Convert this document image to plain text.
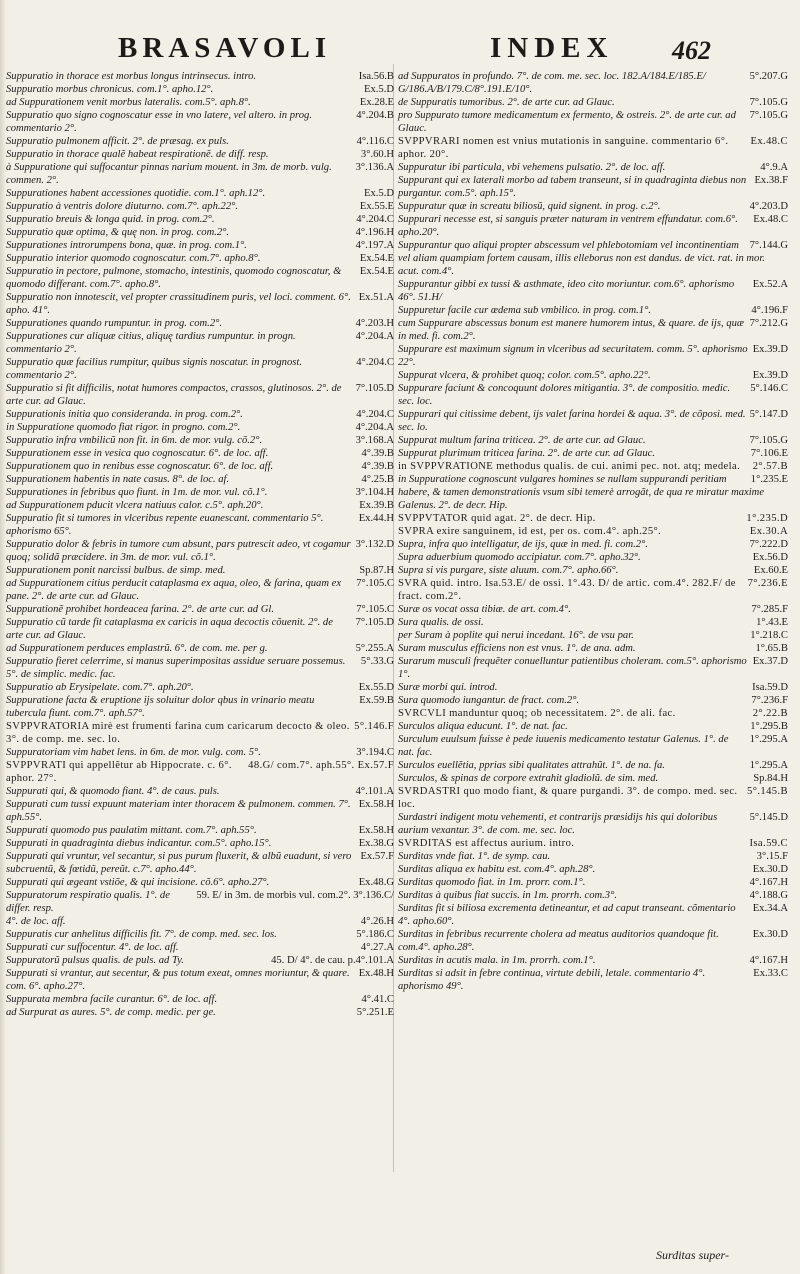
BRASAVOLI	INDEX 462
Isa.56.B
Suppuratio in thorace est morbus longus intrinsecus. intro.
Ex.5.D
Suppuratio morbus chronicus. com.1°. apho.12°.
Ex.28.E
ad Suppurationem venit morbus lateralis. com.5°. aph.8°.
4°.204.B
Suppuratio quo signo cognoscatur esse in vno latere, vel altero. in prog. commentario 2°.
4°.116.C
Suppuratio pulmonem afficit. 2°. de præsag. ex puls.
3°.60.H
Suppuratio in thorace qualẽ habeat respirationẽ. de diff. resp.
3°.136.A
à Suppuratione qui suffocantur pinnas narium mouent. in 3m. de morb. vulg. commen. 2°.
Ex.5.D
Suppurationes habent accessiones quotidie. com.1°. aph.12°.
Ex.55.E
Suppuratio à ventris dolore diuturno. com.7°. aph.22°.
4°.204.C
Suppuratio breuis & longa quid. in prog. com.2°.
4°.196.H
Suppuratio quæ optima, & quę non. in prog. com.2°.
4°.197.A
Suppurationes introrumpens bona, quæ. in prog. com.1°.
Ex.54.E
Suppuratio interior quomodo cognoscatur. com.7°. apho.8°.
Ex.54.E
Suppuratio in pectore, pulmone, stomacho, intestinis, quomodo cognoscatur, & quomodo differant. com.7°. apho.8°.
Ex.51.A
Suppuratio non innotescit, vel propter crassitudinem puris, vel loci. comment. 6°. apho. 41°.
4°.203.H
Suppurationes quando rumpuntur. in prog. com.2°.
4°.204.A
Suppurationes cur aliquæ citius, aliquę tardius rumpuntur. in progn. commentario 2°.
4°.204.C
Suppuratio quæ facilius rumpitur, quibus signis noscatur. in prognost. commentario 2°.
7°.105.D
Suppuratio si fit difficilis, notat humores compactos, crassos, glutinosos. 2°. de arte cur. ad Glauc.
4°.204.C
Suppurationis initia quo consideranda. in prog. com.2°.
4°.204.A
in Suppuratione quomodo fiat rigor. in progno. com.2°.
3°.168.A
Suppuratio infra vmbilicũ non fit. in 6m. de mor. vulg. cõ.2°.
4°.39.B
Suppurationem esse in vesica quo cognoscatur. 6°. de loc. aff.
4°.39.B
Suppurationem quo in renibus esse cognoscatur. 6°. de loc. aff.
4°.25.B
Suppurationem habentis in nate casus. 8°. de loc. af.
3°.104.H
Suppurationes in febribus quo fiunt. in 1m. de mor. vul. cõ.1°.
Ex.39.B
ad Suppurationem pducit vlcera natiuus calor. c.5°. aph.20°.
Ex.44.H
Suppuratio fit si tumores in vlceribus repente euanescant. commentario 5°. aphorismo 65°.
3°.132.D
Suppuratio dolor & febris in tumore cum absunt, pars putrescit adeo, vt cogamur quoq; solidã præcidere. in 3m. de mor. vul. cõ.1°.
Sp.87.H
Suppurationem ponit narcissi bulbus. de simp. med.
7°.105.C
ad Suppurationem citius perducit cataplasma ex aqua, oleo, & farina, quam ex pane. 2°. de arte cur. ad Glauc.
7°.105.C
Suppurationẽ prohibet hordeacea farina. 2°. de arte cur. ad Gl.
7°.105.D
Suppuratio cũ tarde fit cataplasma ex caricis in aqua decoctis cõuenit. 2°. de arte cur. ad Glauc.
5°.255.A
ad Suppurationem perduces emplastrũ. 6°. de com. me. per g.
5°.33.G
Suppuratio fieret celerrime, si manus superimpositas assidue seruare possemus. 5°. de simplic. medic. fac.
Ex.55.D
Suppuratio ab Erysipelate. com.7°. aph.20°.
Ex.59.B
Suppuratione facta & eruptione ijs soluitur dolor qbus in vrinario meatu tubercula fiunt. com.7°. aph.57°.
5°.146.F
SVPPVRATORIA mirè est frumenti farina cum caricarum decocto & oleo. 3°. de comp. me. sec. lo.
3°.194.C
Suppuratoriam vim habet lens. in 6m. de mor. vulg. com. 5°.
48.G/ com.7°. aph.55°. Ex.57.F
SVPPVRATI qui appellẽtur ab Hippocrate. c. 6°. aphor. 27°.
4°.101.A
Suppurati qui, & quomodo fiant. 4°. de caus. puls.
Ex.58.H
Suppurati cum tussi expuunt materiam inter thoracem & pulmonem. commen. 7°. aph.55°.
Ex.58.H
Suppurati quomodo pus paulatim mittant. com.7°. aph.55°.
Ex.38.G
Suppurati in quadraginta diebus indicantur. com.5°. apho.15°.
Ex.57.F
Suppurati qui vruntur, vel secantur, si pus purum fluxerit, & albũ euadunt, si vero subcruentũ, & fœtidũ, pereũt. c.7°. apho.44°.
Ex.48.G
Suppurati qui ægeant vstiõe, & qui incisione. cõ.6°. apho.27°.
59. E/ in 3m. de morbis vul. com.2°. 3°.136.C/
Suppuratorum respiratio qualis. 1°. de differ. resp.
4°.26.H
4°. de loc. aff.
5°.186.C
Suppuratis cur anhelitus difficilis fit. 7°. de comp. med. sec. los.
4°.27.A
Suppurati cur suffocentur. 4°. de loc. aff.
45. D/ 4°. de cau. p.4°.101.A
Suppuratorũ pulsus qualis. de puls. ad Ty.
Ex.48.H
Suppurati si vrantur, aut secentur, & pus totum exeat, omnes moriuntur, & quare. com. 6°. apho.27°.
4°.41.C
Suppurata membra facile curantur. 6°. de loc. aff.
5°.251.E
ad Surpurat as aures. 5°. de comp. medic. per ge.
5°.207.G
ad Suppuratos in profundo. 7°. de com. me. sec. loc. 182.A/184.E/185.E/ G/186.A/B/179.C/8°.191.E/10°.
7°.105.G
de Suppuratis tumoribus. 2°. de arte cur. ad Glauc.
7°.105.G
pro Suppurato tumore medicamentum ex fermento, & ostreis. 2°. de arte cur. ad Glauc.
Ex.48.C
SVPPVRARI nomen est vnius mutationis in sanguine. commentario 6°. aphor. 20°.
4°.9.A
Suppuratur ibi particula, vbi vehemens pulsatio. 2°. de loc. aff.
Ex.38.F
Suppurant qui ex laterali morbo ad tabem transeunt, si in quadraginta diebus non purgantur. com.5°. aph.15°.
4°.203.D
Suppuratur quæ in screatu biliosũ, quid signent. in prog. c.2°.
Ex.48.C
Suppurari necesse est, si sanguis præter naturam in ventrem effundatur. com.6°. apho.20°.
7°.144.G
Suppurantur quo aliqui propter abscessum vel phlebotomiam vel incontinentiam vel aliam quampiam fortem causam, illis elleborus non est dandus. de vict. rat. in mor. acut. com.4°.
Ex.52.A
Suppurantur gibbi ex tussi & asthmate, ideo cito moriuntur. com.6°. aphorismo 46°. 51.H/
4°.196.F
Suppuretur facile cur œdema sub vmbilico. in prog. com.1°.
7°.212.G
cum Suppurare abscessus bonum est manere humorem intus, & quare. de ijs, quæ in med. fi. com.2°.
Ex.39.D
Suppurare est maximum signum in vlceribus ad securitatem. comm. 5°. aphorismo 22°.
Ex.39.D
Suppurat vlcera, & prohibet quoq; color. com.5°. apho.22°.
5°.146.C
Suppurare faciunt & concoquunt dolores mitigantia. 3°. de compositio. medic. sec. loc.
5°.147.D
Suppurari qui citissime debent, ijs valet farina hordei & aqua. 3°. de cõposi. med. sec. lo.
7°.105.G
Suppurat multum farina triticea. 2°. de arte cur. ad Glauc.
7°.106.E
Suppurat plurimum triticea farina. 2°. de arte cur. ad Glauc.
2°.57.B
in SVPPVRATIONE methodus qualis. de cui. animi pec. not. atq; medela.
1°.235.E
in Suppuratione cognoscunt vulgares homines se nullam suppurandi peritiam habere, & tamen demonstrationis vsum sibi temerè arrogãt, de qua re miratur maxime Galenus. 2°. de decr. Hip.
1°.235.D
SVPPVTATOR quid agat. 2°. de decr. Hip.
Ex.30.A
SVPRA exire sanguinem, id est, per os. com.4°. aph.25°.
7°.222.D
Supra, infra quo intelligatur, de ijs, quæ in med. fi. com.2°.
Ex.56.D
Supra aduerbium quomodo accipiatur. com.7°. apho.32°.
Ex.60.E
Supra si vis purgare, siste aluum. com.7°. apho.66°.
7°.236.E
SVRA quid. intro. Isa.53.E/ de ossi. 1°.43. D/ de artic. com.4°. 282.F/ de fract. com.2°.
7°.285.F
Suræ os vocat ossa tibiæ. de art. com.4°.
1°.43.E
Sura qualis. de ossi.
1°.218.C
per Suram à poplite qui nerui incedant. 16°. de vsu par.
1°.65.B
Suram musculus efficiens non est vnus. 1°. de ana. adm.
Ex.37.D
Surarum musculi frequẽter conuelluntur patientibus choleram. com.5°. aphorismo 1°.
Isa.59.D
Suræ morbi qui. introd.
7°.236.F
Sura quomodo iungantur. de fract. com.2°.
2°.22.B
SVRCVLI manduntur quoq; ob necessitatem. 2°. de ali. fac.
1°.295.B
Surculos aliqua educunt. 1°. de nat. fac.
1°.295.A
Surculum euulsum fuisse è pede iuuenis medicamento testatur Galenus. 1°. de nat. fac.
1°.295.A
Surculos euellẽtia, pprias sibi qualitates attrahũt. 1°. de na. fa.
Sp.84.H
Surculos, & spinas de corpore extrahit gladiolũ. de sim. med.
5°.145.B
SVRDASTRI quo modo fiant, & quare purgandi. 3°. de compo. med. sec. loc.
5°.145.D
Surdastri indigent motu vehementi, et contrarijs præsidijs his qui doloribus aurium vexantur. 3°. de com. me. sec. loc.
Isa.59.C
SVRDITAS est affectus aurium. intro.
3°.15.F
Surditas vnde fiat. 1°. de symp. cau.
Ex.30.D
Surditas aliqua ex habitu est. com.4°. aph.28°.
4°.167.H
Surditas quomodo fiat. in 1m. prorr. com.1°.
4°.188.G
Surditas à quibus fiat succis. in 1m. prorrh. com.3°.
Ex.34.A
Surditas fit si biliosa excrementa detineantur, et ad caput transeant. cõmentario 4°. apho.60°.
Ex.30.D
Surditas in febribus recurrente cholera ad meatus auditorios quandoque fit. com.4°. apho.28°.
4°.167.H
Surditas in acutis mala. in 1m. prorrh. com.1°.
Ex.33.C
Surditas si adsit in febre continua, virtute debili, letale. commentario 4°. aphorismo 49°.
Surditas super-
